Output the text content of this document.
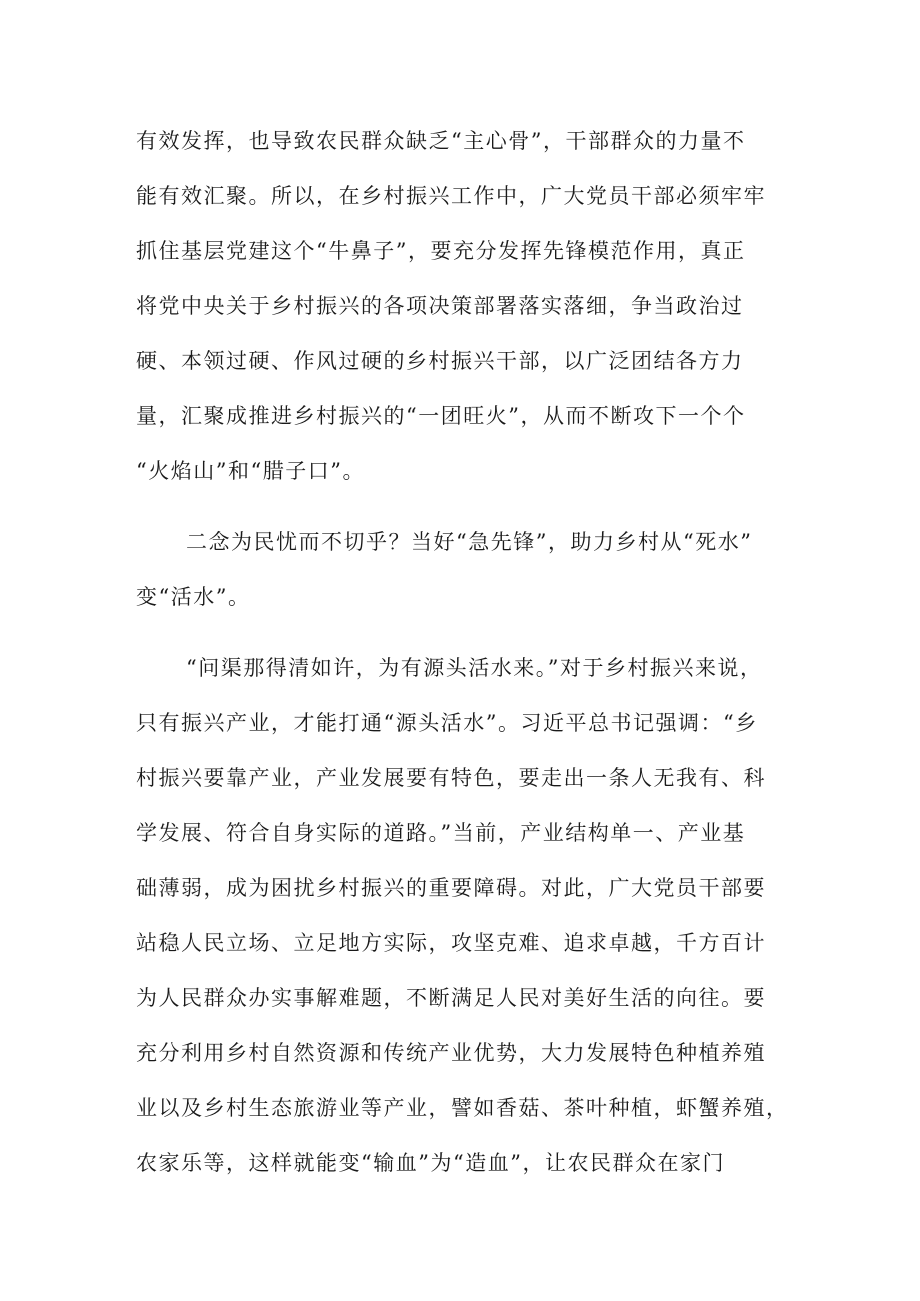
有效发挥，也导致农民群众缺乏“主心骨”，干部群众的力量不
能有效汇聚。所以，在乡村振兴工作中，广大党员干部必须牢牢
抓住基层党建这个“牛鼻子”，要充分发挥先锋模范作用，真正
将党中央关于乡村振兴的各项决策部署落实落细，争当政治过
硬、本领过硬、作风过硬的乡村振兴干部，以广泛团结各方力
量，汇聚成推进乡村振兴的“一团旺火”，从而不断攻下一个个
“火焰山”和“腊子口”。
二念为民忧而不切乎？当好“急先锋”，助力乡村从“死水”
变“活水”。
“问渠那得清如许，为有源头活水来。”对于乡村振兴来说，
只有振兴产业，才能打通“源头活水”。习近平总书记强调：“乡
村振兴要靠产业，产业发展要有特色，要走出一条人无我有、科
学发展、符合自身实际的道路。”当前，产业结构单一、产业基
础薄弱，成为困扰乡村振兴的重要障碍。对此，广大党员干部要
站稳人民立场、立足地方实际，攻坚克难、追求卓越，千方百计
为人民群众办实事解难题，不断满足人民对美好生活的向往。要
充分利用乡村自然资源和传统产业优势，大力发展特色种植养殖
业以及乡村生态旅游业等产业，譬如香菇、茶叶种植，虾蟹养殖，
农家乐等，这样就能变“输血”为“造血”，让农民群众在家门
